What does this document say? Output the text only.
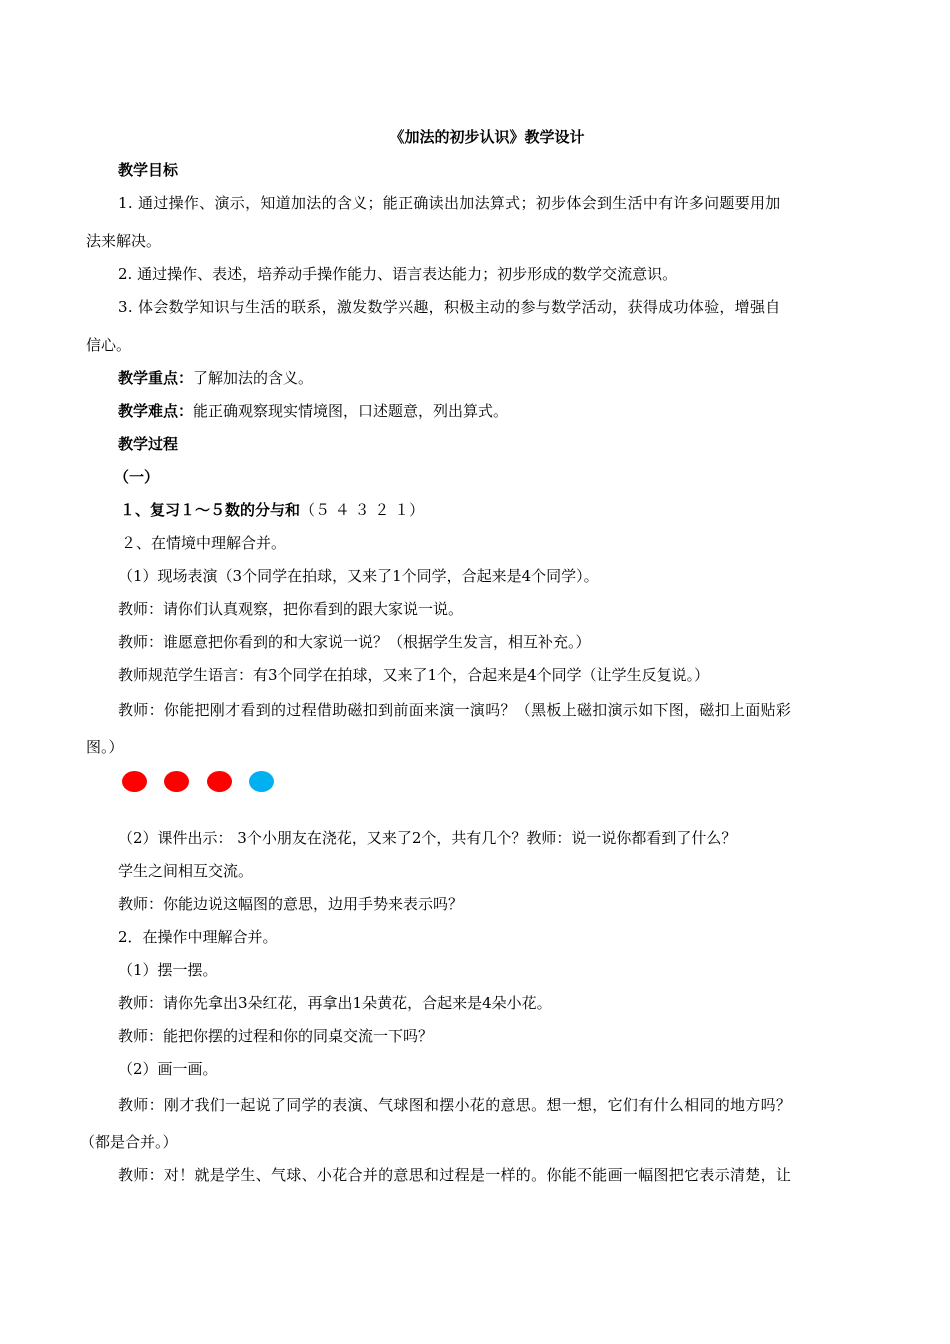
《加法的初步认识》教学设计
教学目标
1. 通过操作、演示，知道加法的含义；能正确读出加法算式；初步体会到生活中有许多问题要用加
法来解决。
2. 通过操作、表述，培养动手操作能力、语言表达能力；初步形成的数学交流意识。
3. 体会数学知识与生活的联系，激发数学兴趣，积极主动的参与数学活动，获得成功体验，增强自
信心。
教学重点：了解加法的含义。
教学难点：能正确观察现实情境图，口述题意，列出算式。
教学过程
（一）
１、复习１～５数的分与和（５ ４ ３ ２ １）
２、在情境中理解合并。
（1）现场表演（3个同学在拍球，又来了1个同学，合起来是4个同学）。
教师：请你们认真观察，把你看到的跟大家说一说。
教师：谁愿意把你看到的和大家说一说？（根据学生发言，相互补充。）
教师规范学生语言：有3个同学在拍球，又来了1个，合起来是4个同学（让学生反复说。）
教师：你能把刚才看到的过程借助磁扣到前面来演一演吗？（黑板上磁扣演示如下图，磁扣上面贴彩
图。）
（2）课件出示： 3个小朋友在浇花，又来了2个，共有几个？教师：说一说你都看到了什么？
学生之间相互交流。
教师：你能边说这幅图的意思，边用手势来表示吗？
2．在操作中理解合并。
（1）摆一摆。
教师：请你先拿出3朵红花，再拿出1朵黄花，合起来是4朵小花。
教师：能把你摆的过程和你的同桌交流一下吗？
（2）画一画。
教师：刚才我们一起说了同学的表演、气球图和摆小花的意思。想一想，它们有什么相同的地方吗？
（都是合并。）
教师：对！就是学生、气球、小花合并的意思和过程是一样的。你能不能画一幅图把它表示清楚，让
